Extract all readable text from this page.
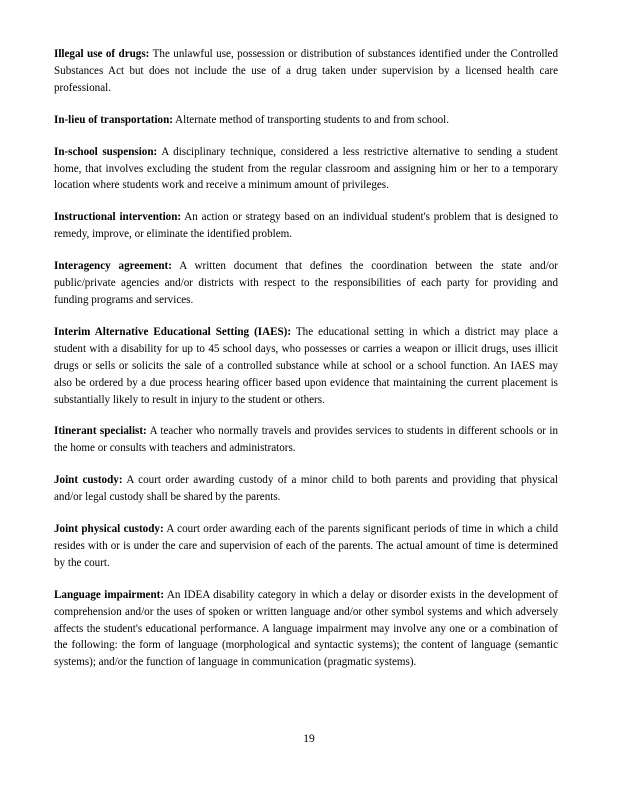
Illegal use of drugs: The unlawful use, possession or distribution of substances identified under the Controlled Substances Act but does not include the use of a drug taken under supervision by a licensed health care professional.

In-lieu of transportation: Alternate method of transporting students to and from school.

In-school suspension: A disciplinary technique, considered a less restrictive alternative to sending a student home, that involves excluding the student from the regular classroom and assigning him or her to a temporary location where students work and receive a minimum amount of privileges.

Instructional intervention: An action or strategy based on an individual student's problem that is designed to remedy, improve, or eliminate the identified problem.

Interagency agreement: A written document that defines the coordination between the state and/or public/private agencies and/or districts with respect to the responsibilities of each party for providing and funding programs and services.

Interim Alternative Educational Setting (IAES): The educational setting in which a district may place a student with a disability for up to 45 school days, who possesses or carries a weapon or illicit drugs, uses illicit drugs or sells or solicits the sale of a controlled substance while at school or a school function. An IAES may also be ordered by a due process hearing officer based upon evidence that maintaining the current placement is substantially likely to result in injury to the student or others.

Itinerant specialist: A teacher who normally travels and provides services to students in different schools or in the home or consults with teachers and administrators.

Joint custody: A court order awarding custody of a minor child to both parents and providing that physical and/or legal custody shall be shared by the parents.

Joint physical custody: A court order awarding each of the parents significant periods of time in which a child resides with or is under the care and supervision of each of the parents. The actual amount of time is determined by the court.

Language impairment: An IDEA disability category in which a delay or disorder exists in the development of comprehension and/or the uses of spoken or written language and/or other symbol systems and which adversely affects the student's educational performance. A language impairment may involve any one or a combination of the following: the form of language (morphological and syntactic systems); the content of language (semantic systems); and/or the function of language in communication (pragmatic systems).

19
